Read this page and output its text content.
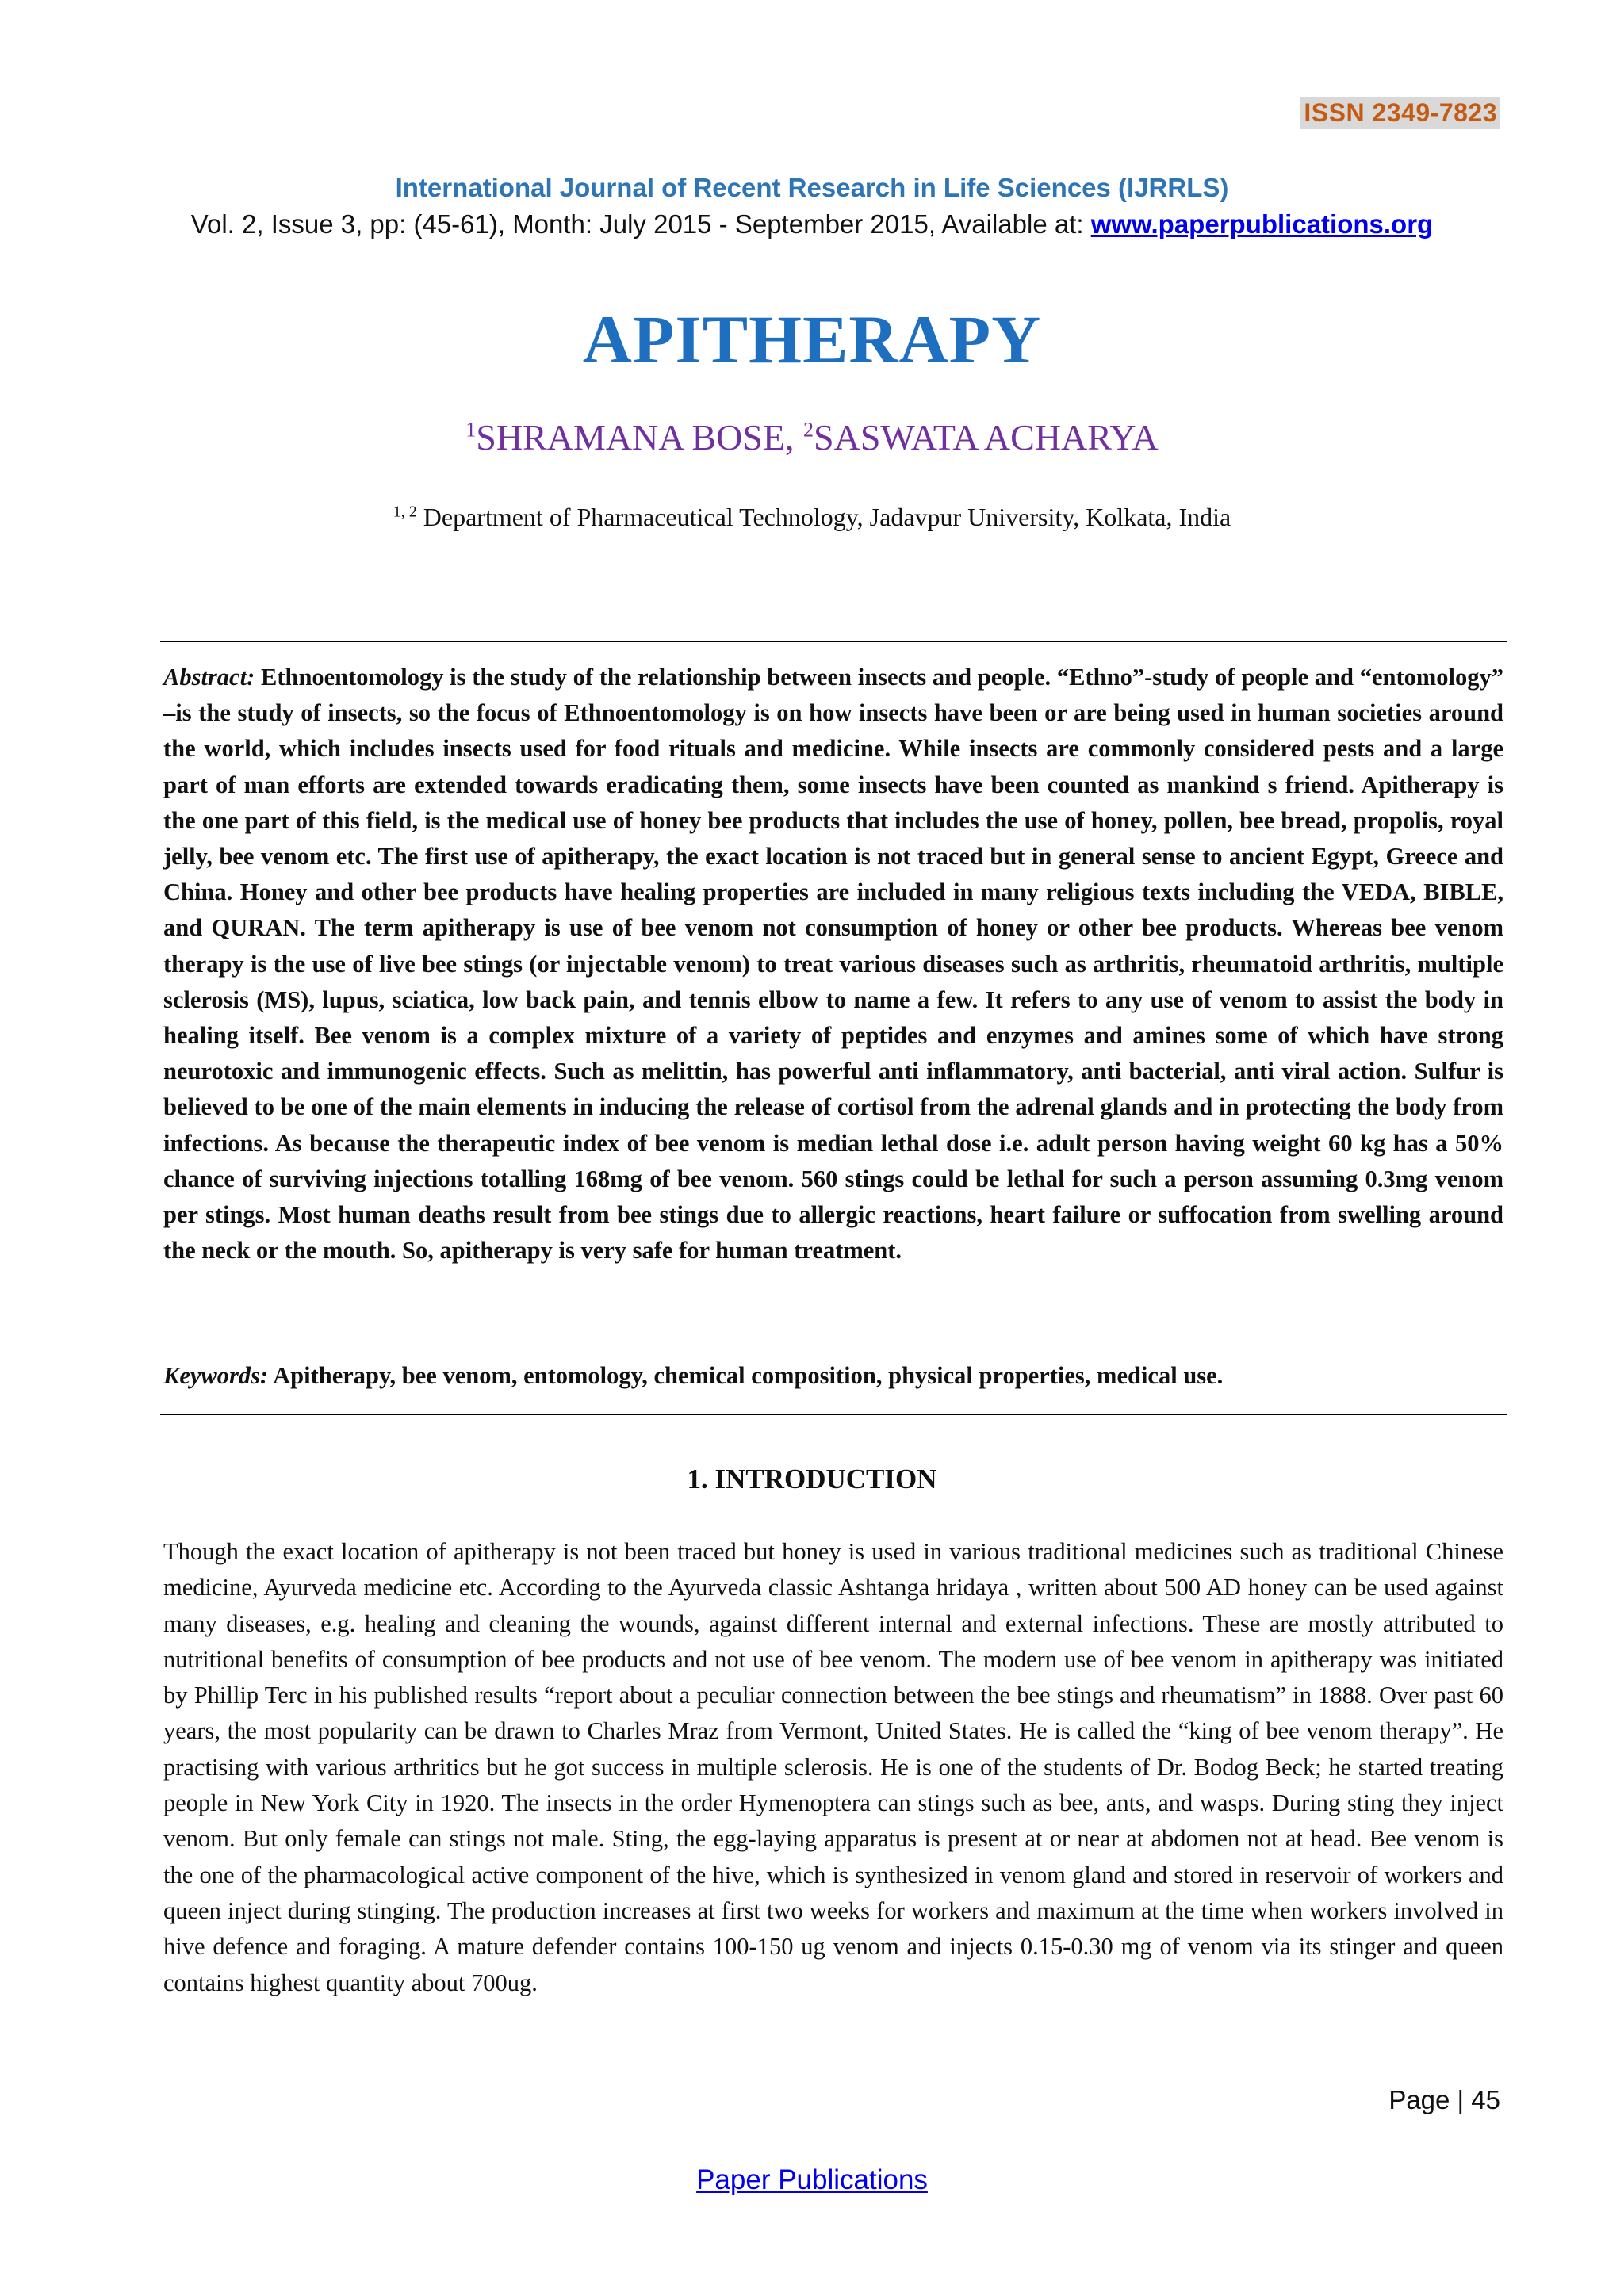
ISSN 2349-7823
International Journal of Recent Research in Life Sciences (IJRRLS)
Vol. 2, Issue 3, pp: (45-61), Month: July 2015 - September 2015, Available at: www.paperpublications.org
APITHERAPY
$^1$SHRAMANA BOSE, $^2$SASWATA ACHARYA
$^{1, 2}$ Department of Pharmaceutical Technology, Jadavpur University, Kolkata, India
Abstract: Ethnoentomology is the study of the relationship between insects and people. “Ethno”-study of people and “entomology” –is the study of insects, so the focus of Ethnoentomology is on how insects have been or are being used in human societies around the world, which includes insects used for food rituals and medicine. While insects are commonly considered pests and a large part of man efforts are extended towards eradicating them, some insects have been counted as mankind s friend. Apitherapy is the one part of this field, is the medical use of honey bee products that includes the use of honey, pollen, bee bread, propolis, royal jelly, bee venom etc. The first use of apitherapy, the exact location is not traced but in general sense to ancient Egypt, Greece and China. Honey and other bee products have healing properties are included in many religious texts including the VEDA, BIBLE, and QURAN. The term apitherapy is use of bee venom not consumption of honey or other bee products. Whereas bee venom therapy is the use of live bee stings (or injectable venom) to treat various diseases such as arthritis, rheumatoid arthritis, multiple sclerosis (MS), lupus, sciatica, low back pain, and tennis elbow to name a few. It refers to any use of venom to assist the body in healing itself. Bee venom is a complex mixture of a variety of peptides and enzymes and amines some of which have strong neurotoxic and immunogenic effects. Such as melittin, has powerful anti inflammatory, anti bacterial, anti viral action. Sulfur is believed to be one of the main elements in inducing the release of cortisol from the adrenal glands and in protecting the body from infections. As because the therapeutic index of bee venom is median lethal dose i.e. adult person having weight 60 kg has a 50% chance of surviving injections totalling 168mg of bee venom. 560 stings could be lethal for such a person assuming 0.3mg venom per stings. Most human deaths result from bee stings due to allergic reactions, heart failure or suffocation from swelling around the neck or the mouth. So, apitherapy is very safe for human treatment.
Keywords: Apitherapy, bee venom, entomology, chemical composition, physical properties, medical use.
1. INTRODUCTION
Though the exact location of apitherapy is not been traced but honey is used in various traditional medicines such as traditional Chinese medicine, Ayurveda medicine etc. According to the Ayurveda classic Ashtanga hridaya , written about 500 AD honey can be used against many diseases, e.g. healing and cleaning the wounds, against different internal and external infections. These are mostly attributed to nutritional benefits of consumption of bee products and not use of bee venom. The modern use of bee venom in apitherapy was initiated by Phillip Terc in his published results “report about a peculiar connection between the bee stings and rheumatism” in 1888. Over past 60 years, the most popularity can be drawn to Charles Mraz from Vermont, United States. He is called the “king of bee venom therapy”. He practising with various arthritics but he got success in multiple sclerosis. He is one of the students of Dr. Bodog Beck; he started treating people in New York City in 1920. The insects in the order Hymenoptera can stings such as bee, ants, and wasps. During sting they inject venom. But only female can stings not male. Sting, the egg-laying apparatus is present at or near at abdomen not at head. Bee venom is the one of the pharmacological active component of the hive, which is synthesized in venom gland and stored in reservoir of workers and queen inject during stinging. The production increases at first two weeks for workers and maximum at the time when workers involved in hive defence and foraging. A mature defender contains 100-150 ug venom and injects 0.15-0.30 mg of venom via its stinger and queen contains highest quantity about 700ug.
Page | 45
Paper Publications
